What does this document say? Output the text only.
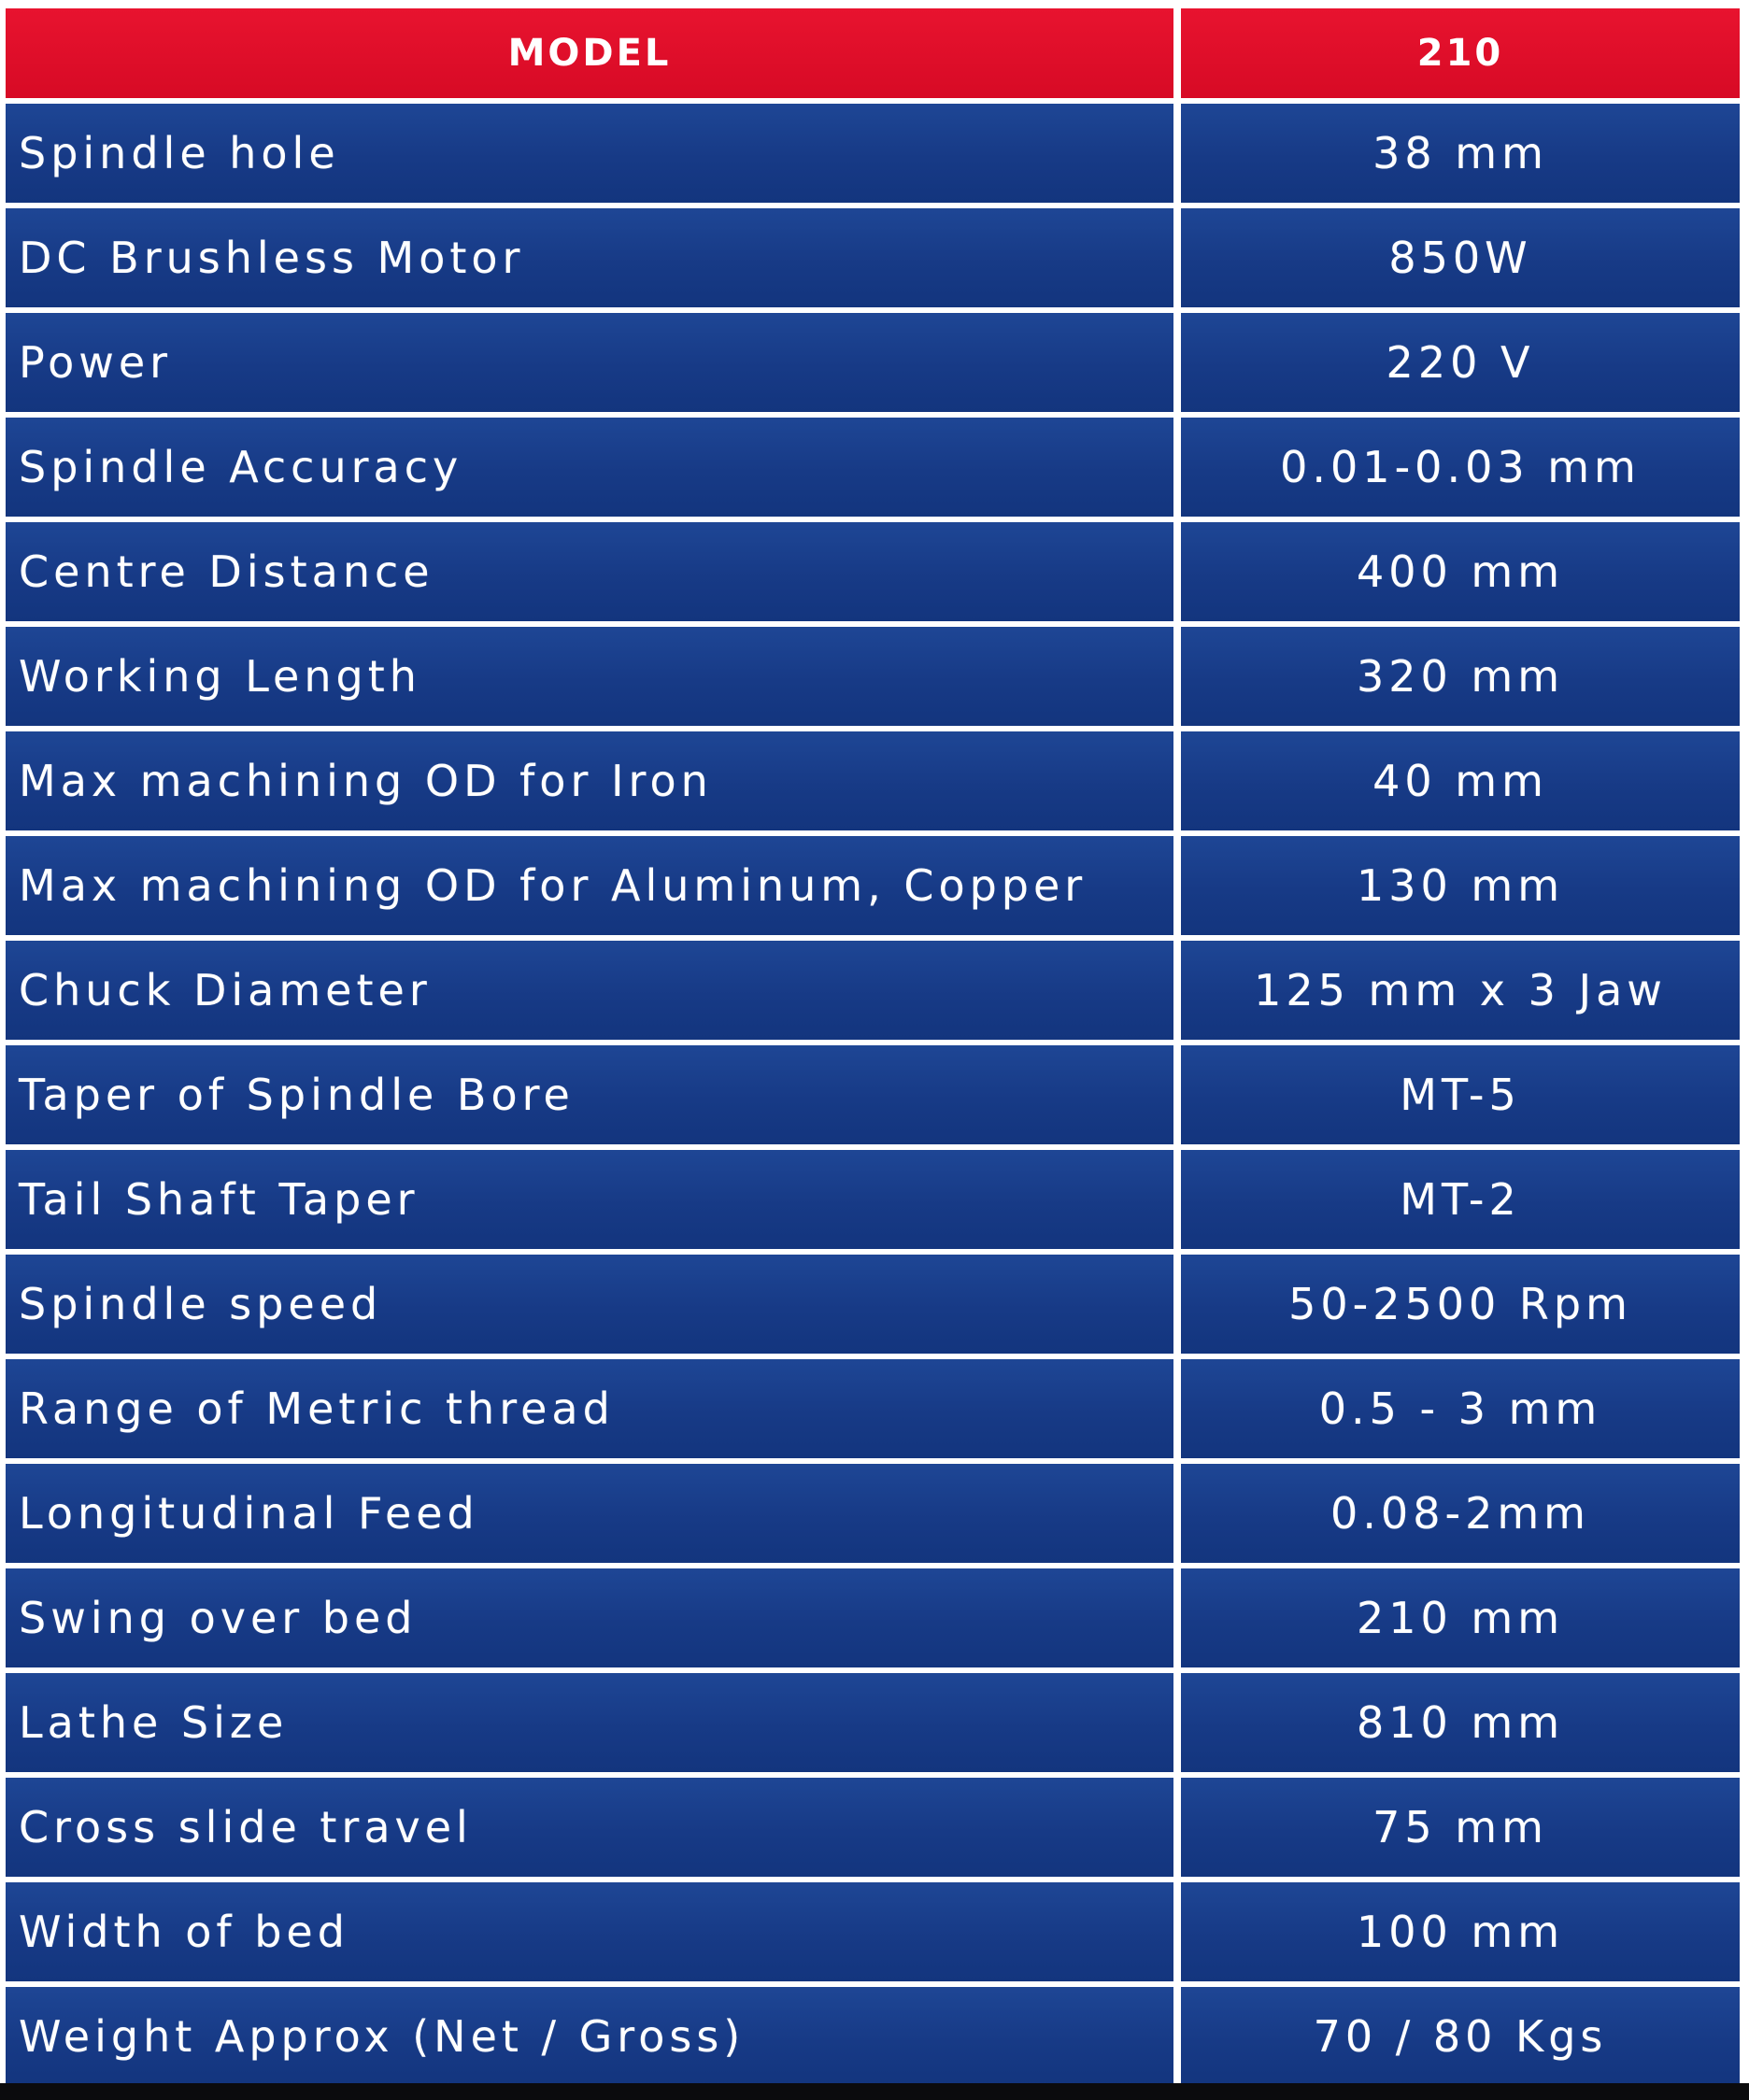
MODEL	210
Spindle hole	38 mm
DC Brushless Motor	850W
Power	220 V
Spindle Accuracy	0.01-0.03 mm
Centre Distance	400 mm
Working Length	320 mm
Max machining OD for Iron	40 mm
Max machining OD for Aluminum, Copper	130 mm
Chuck Diameter	125 mm x 3 Jaw
Taper of Spindle Bore	MT-5
Tail Shaft Taper	MT-2
Spindle speed	50-2500 Rpm
Range of Metric thread	0.5 - 3 mm
Longitudinal Feed	0.08-2mm
Swing over bed	210 mm
Lathe Size	810 mm
Cross slide travel	75 mm
Width of bed	100 mm
Weight Approx (Net / Gross)	70 / 80 Kgs
